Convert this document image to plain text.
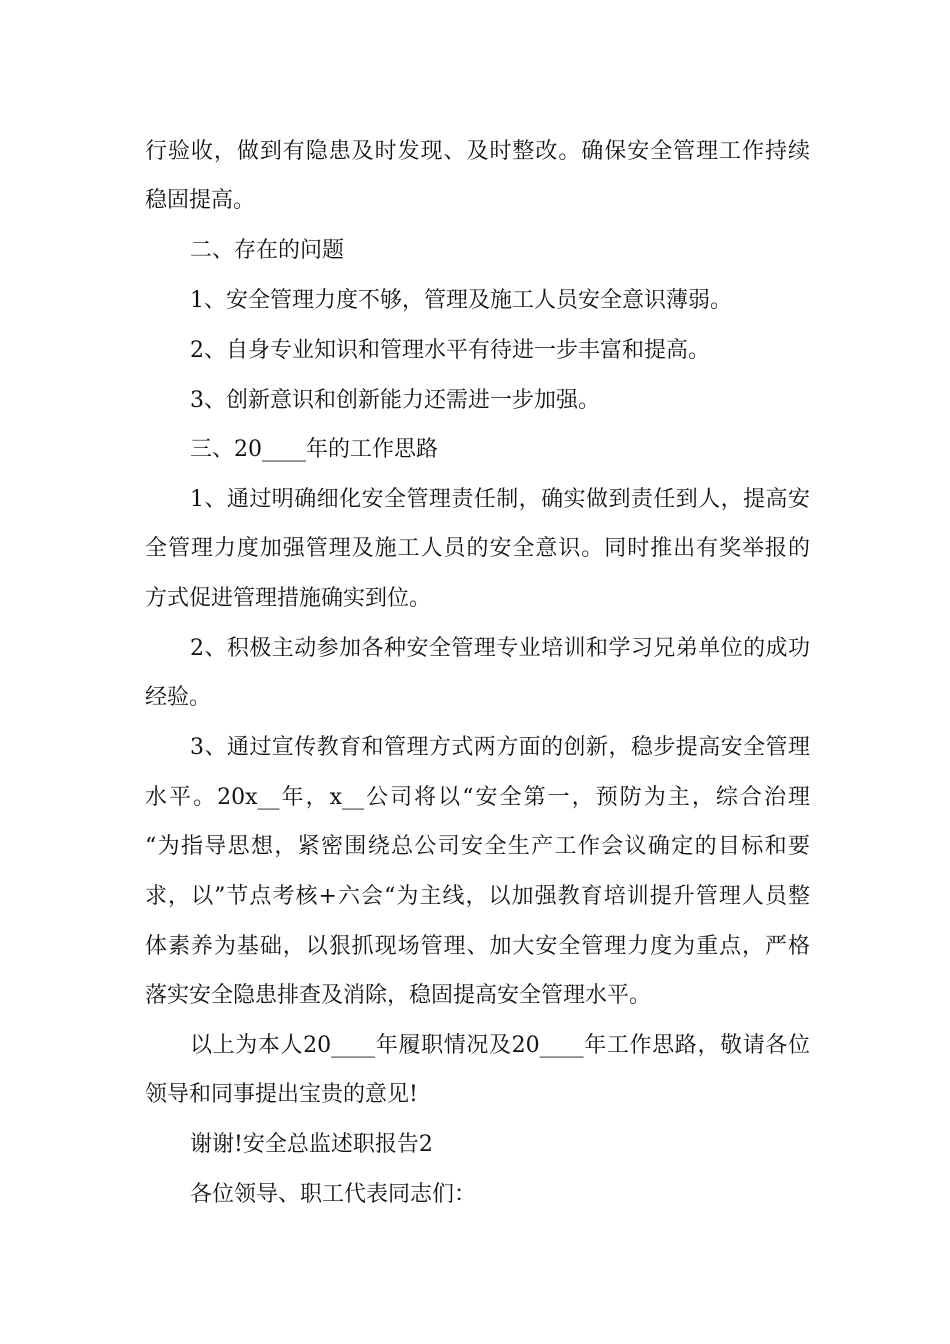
行验收，做到有隐患及时发现、及时整改。确保安全管理工作持续
稳固提高。
二、存在的问题
1、安全管理力度不够，管理及施工人员安全意识薄弱。
2、自身专业知识和管理水平有待进一步丰富和提高。
3、创新意识和创新能力还需进一步加强。
三、20____年的工作思路
1、通过明确细化安全管理责任制，确实做到责任到人，提高安
全管理力度加强管理及施工人员的安全意识。同时推出有奖举报的
方式促进管理措施确实到位。
2、积极主动参加各种安全管理专业培训和学习兄弟单位的成功
经验。
3、通过宣传教育和管理方式两方面的创新，稳步提高安全管理
水平。20x__年，x__公司将以“安全第一，预防为主，综合治理
“为指导思想，紧密围绕总公司安全生产工作会议确定的目标和要
求，以”节点考核+六会“为主线，以加强教育培训提升管理人员整
体素养为基础，以狠抓现场管理、加大安全管理力度为重点，严格
落实安全隐患排查及消除，稳固提高安全管理水平。
以上为本人20____年履职情况及20____年工作思路，敬请各位
领导和同事提出宝贵的意见!
谢谢!安全总监述职报告2
各位领导、职工代表同志们：
